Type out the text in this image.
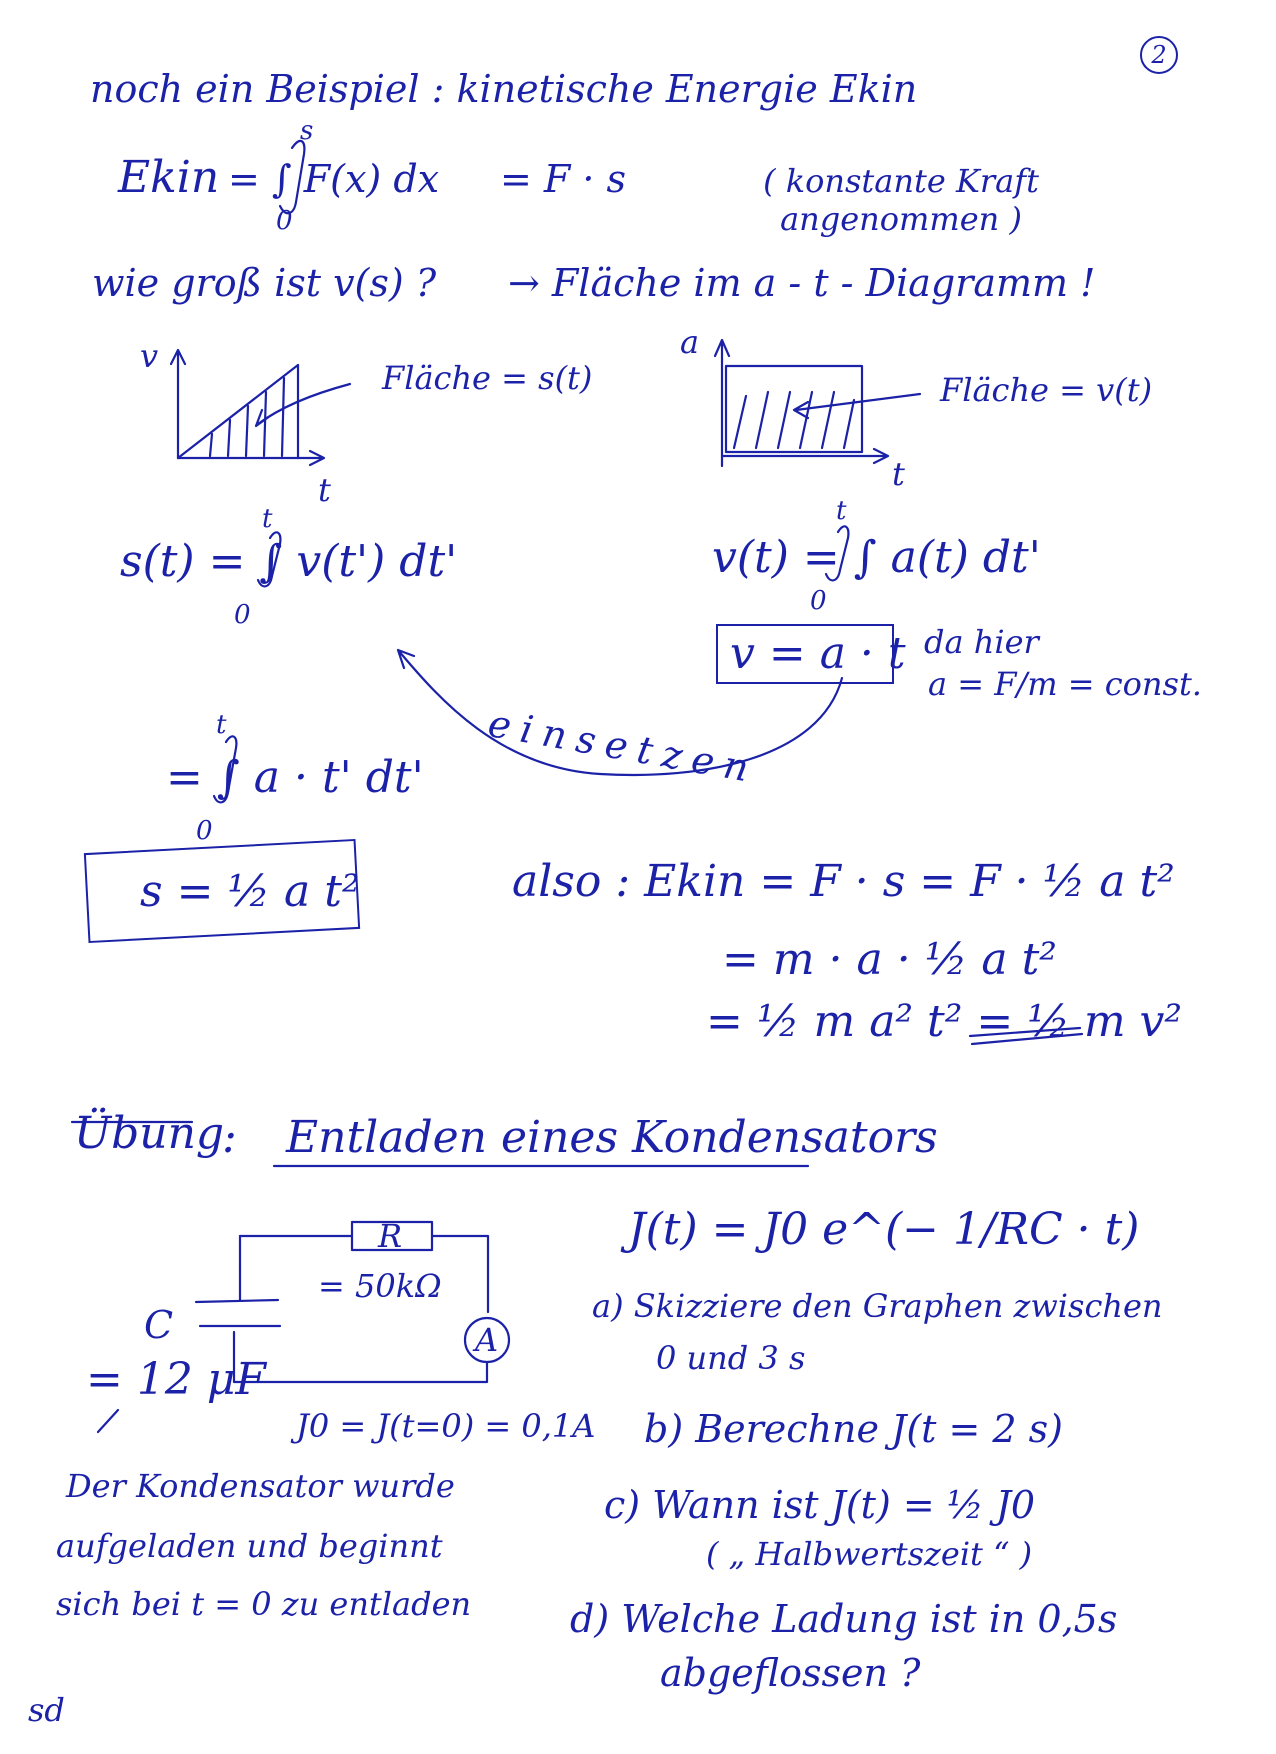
2
noch ein Beispiel : kinetische Energie Ekin
Ekin
s
0
= ∫ F(x) dx = F · s	( konstante Kraft angenommen )
wie groß ist v(s) ? → Fläche im a - t - Diagramm !
v
t
Fläche = s(t)
a
t
Fläche = v(t)
t
0
s(t) = ∫ v(t') dt'
t
0
v(t) = ∫ a(t) dt'
v = a · t da hier
a = F/m = const.
einsetzen
t
0
= ∫ a · t' dt'
s = ½ a t²	also : Ekin = F · s = F · ½ a t²
= m · a · ½ a t²
= ½ m a² t² = ½ m v²
Übung
: Entladen eines Kondensators
J(t) = J0 e^(− 1/RC · t)
R
= 50kΩ
A
C
= 12 μF
J0 = J(t=0) = 0,1A
a) Skizziere den Graphen zwischen
0 und 3 s
b) Berechne J(t = 2 s)
c) Wann ist J(t) = ½ J0
( „ Halbwertszeit “ )
d) Welche Ladung ist in 0,5s
abgeflossen ?
Der Kondensator wurde
aufgeladen und beginnt
sich bei t = 0 zu entladen
sd
